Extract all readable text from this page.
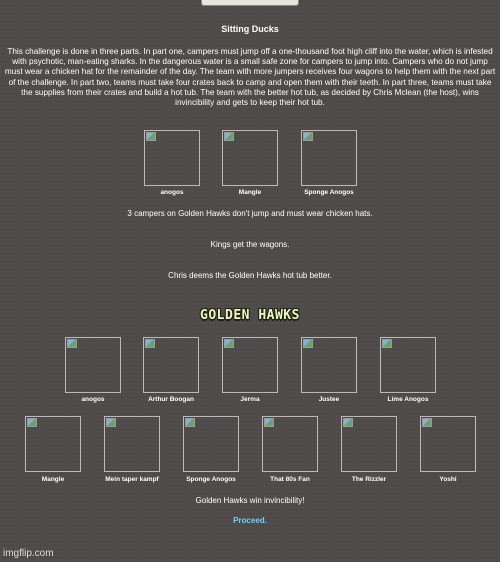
Sitting Ducks
This challenge is done in three parts. In part one, campers must jump off a one-thousand foot high cliff into the water, which is infested with psychotic, man-eating sharks. In the dangerous water is a small safe zone for campers to jump into. Campers who do not jump must wear a chicken hat for the remainder of the day. The team with more jumpers receives four wagons to help them with the next part of the challenge. In part two, teams must take four crates back to camp and open them with their teeth. In part three, teams must take the supplies from their crates and build a hot tub. The team with the better hot tub, as decided by Chris Mclean (the host), wins invincibility and gets to keep their hot tub.
anogos	Mangle	Sponge Anogos
3 campers on Golden Hawks don't jump and must wear chicken hats.
Kings get the wagons.
Chris deems the Golden Hawks hot tub better.
GOLDEN HAWKS
anogos	Arthur Boogan	Jerma	Justee	Lime Anogos
Mangle	Mein taper kampf	Sponge Anogos	That 80s Fan	The Rizzler	Yoshi
Golden Hawks win invincibility!
Proceed.
imgflip.com
